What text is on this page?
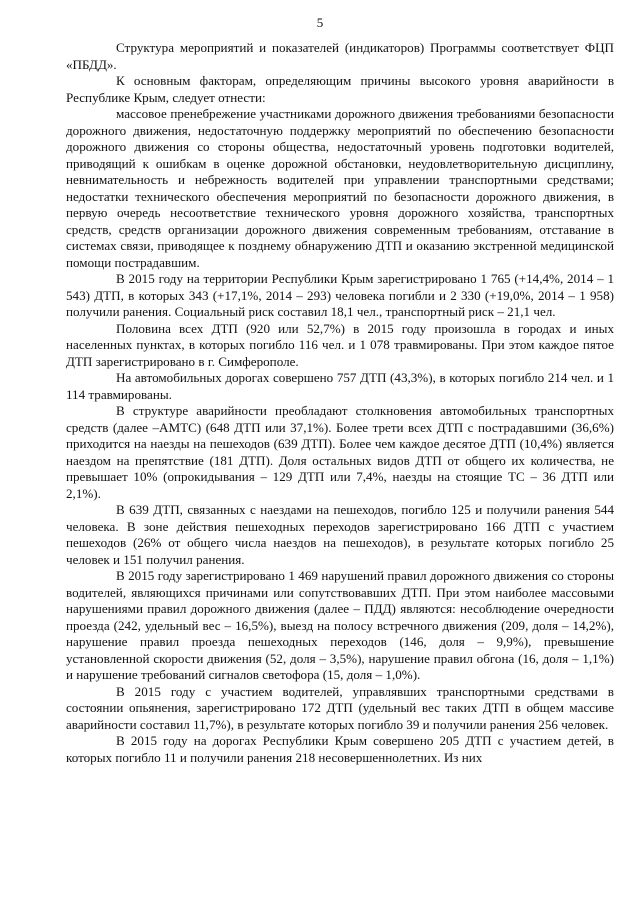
5

Структура мероприятий и показателей (индикаторов) Программы соответствует ФЦП «ПБДД».

К основным факторам, определяющим причины высокого уровня аварийности в Республике Крым, следует отнести:

массовое пренебрежение участниками дорожного движения требованиями безопасности дорожного движения, недостаточную поддержку мероприятий по обеспечению безопасности дорожного движения со стороны общества, недостаточный уровень подготовки водителей, приводящий к ошибкам в оценке дорожной обстановки, неудовлетворительную дисциплину, невнимательность и небрежность водителей при управлении транспортными средствами; недостатки технического обеспечения мероприятий по безопасности дорожного движения, в первую очередь несоответствие технического уровня дорожного хозяйства, транспортных средств, средств организации дорожного движения современным требованиям, отставание в системах связи, приводящее к позднему обнаружению ДТП и оказанию экстренной медицинской помощи пострадавшим.

В 2015 году на территории Республики Крым зарегистрировано 1 765 (+14,4%, 2014 – 1 543) ДТП, в которых 343 (+17,1%, 2014 – 293) человека погибли и 2 330 (+19,0%, 2014 – 1 958) получили ранения. Социальный риск составил 18,1 чел., транспортный риск – 21,1 чел.

Половина всех ДТП (920 или 52,7%) в 2015 году произошла в городах и иных населенных пунктах, в которых погибло 116 чел. и 1 078 травмированы. При этом каждое пятое ДТП зарегистрировано в г. Симферополе.

На автомобильных дорогах совершено 757 ДТП (43,3%), в которых погибло 214 чел. и 1 114 травмированы.

В структуре аварийности преобладают столкновения автомобильных транспортных средств (далее –АМТС) (648 ДТП или 37,1%). Более трети всех ДТП с пострадавшими (36,6%) приходится на наезды на пешеходов (639 ДТП). Более чем каждое десятое ДТП (10,4%) является наездом на препятствие (181 ДТП). Доля остальных видов ДТП от общего их количества, не превышает 10% (опрокидывания – 129 ДТП или 7,4%, наезды на стоящие ТС – 36 ДТП или 2,1%).

В 639 ДТП, связанных с наездами на пешеходов, погибло 125 и получили ранения 544 человека. В зоне действия пешеходных переходов зарегистрировано 166 ДТП с участием пешеходов (26% от общего числа наездов на пешеходов), в результате которых погибло 25 человек и 151 получил ранения.

В 2015 году зарегистрировано 1 469 нарушений правил дорожного движения со стороны водителей, являющихся причинами или сопутствовавших ДТП. При этом наиболее массовыми нарушениями правил дорожного движения (далее – ПДД) являются: несоблюдение очередности проезда (242, удельный вес – 16,5%), выезд на полосу встречного движения (209, доля – 14,2%), нарушение правил проезда пешеходных переходов (146, доля – 9,9%), превышение установленной скорости движения (52, доля – 3,5%), нарушение правил обгона (16, доля – 1,1%) и нарушение требований сигналов светофора (15, доля – 1,0%).

В 2015 году с участием водителей, управлявших транспортными средствами в состоянии опьянения, зарегистрировано 172 ДТП (удельный вес таких ДТП в общем массиве аварийности составил 11,7%), в результате которых погибло 39 и получили ранения 256 человек.

В 2015 году на дорогах Республики Крым совершено 205 ДТП с участием детей, в которых погибло 11 и получили ранения 218 несовершеннолетних. Из них
